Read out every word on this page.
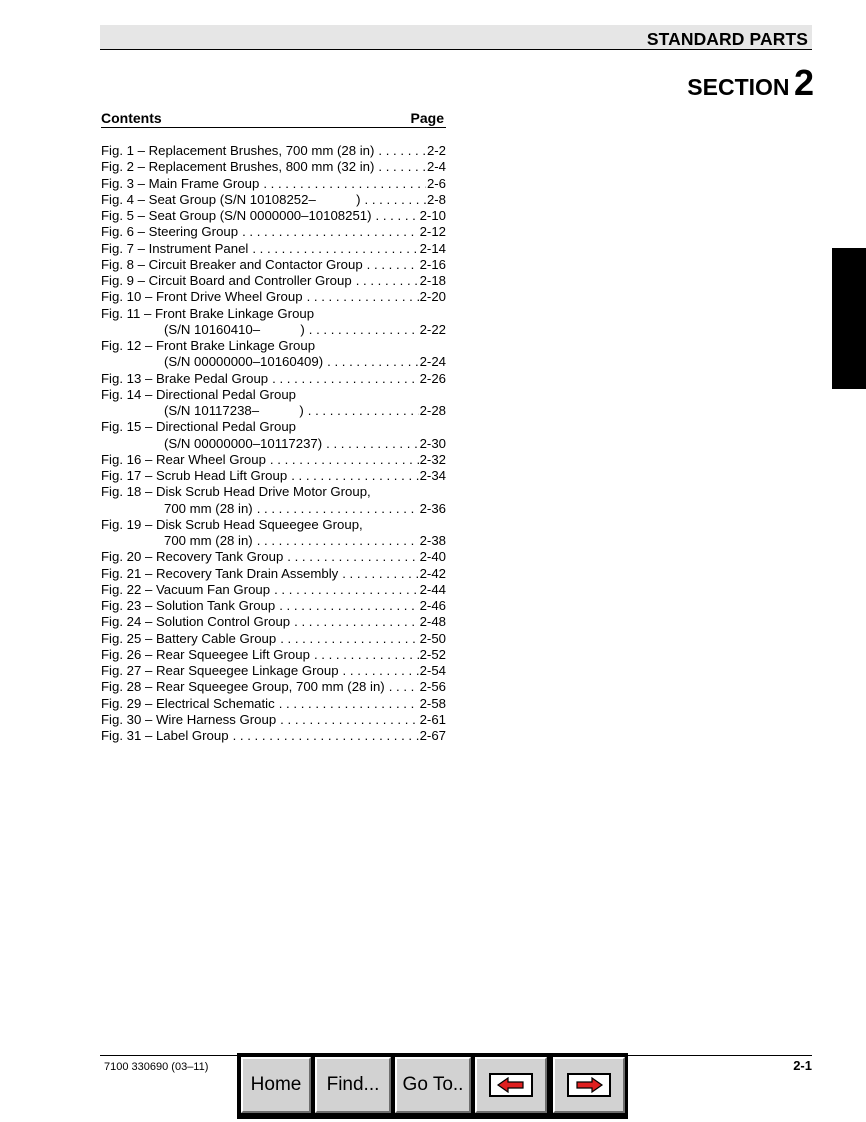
STANDARD PARTS
SECTION 2
Contents	Page
Fig. 1 – Replacement Brushes, 700 mm (28 in) . . .	2-2
Fig. 2 – Replacement Brushes, 800 mm (32 in) . . .	2-4
Fig. 3 – Main Frame Group . . .	2-6
Fig. 4 – Seat Group (S/N 10108252–           ) . . .	2-8
Fig. 5 – Seat Group (S/N 0000000–10108251) . . .	2-10
Fig. 6 – Steering Group . . .	2-12
Fig. 7 – Instrument Panel . . .	2-14
Fig. 8 – Circuit Breaker and Contactor Group . . .	2-16
Fig. 9 – Circuit Board and Controller Group . . .	2-18
Fig. 10 – Front Drive Wheel Group . . .	2-20
Fig. 11 – Front Brake Linkage Group
(S/N 10160410–           ) . . .	2-22
Fig. 12 – Front Brake Linkage Group
(S/N 00000000–10160409) . . .	2-24
Fig. 13 – Brake Pedal Group . . .	2-26
Fig. 14 – Directional Pedal Group
(S/N 10117238–           ) . . .	2-28
Fig. 15 – Directional Pedal Group
(S/N 00000000–10117237) . . .	2-30
Fig. 16 – Rear Wheel Group . . .	2-32
Fig. 17 – Scrub Head Lift Group . . .	2-34
Fig. 18 – Disk Scrub Head Drive Motor Group,
700 mm (28 in) . . .	2-36
Fig. 19 – Disk Scrub Head Squeegee Group,
700 mm (28 in) . . .	2-38
Fig. 20 – Recovery Tank Group . . .	2-40
Fig. 21 – Recovery Tank Drain Assembly . . .	2-42
Fig. 22 – Vacuum Fan Group . . .	2-44
Fig. 23 – Solution Tank Group . . .	2-46
Fig. 24 – Solution Control Group . . .	2-48
Fig. 25 – Battery Cable Group . . .	2-50
Fig. 26 – Rear Squeegee Lift Group . . .	2-52
Fig. 27 – Rear Squeegee Linkage Group . . .	2-54
Fig. 28 – Rear Squeegee Group, 700 mm (28 in) . . .	2-56
Fig. 29 – Electrical Schematic . . .	2-58
Fig. 30 – Wire Harness Group . . .	2-61
Fig. 31 – Label Group . . .	2-67
7100 330690 (03–11)	2-1
Home Find... Go To..
